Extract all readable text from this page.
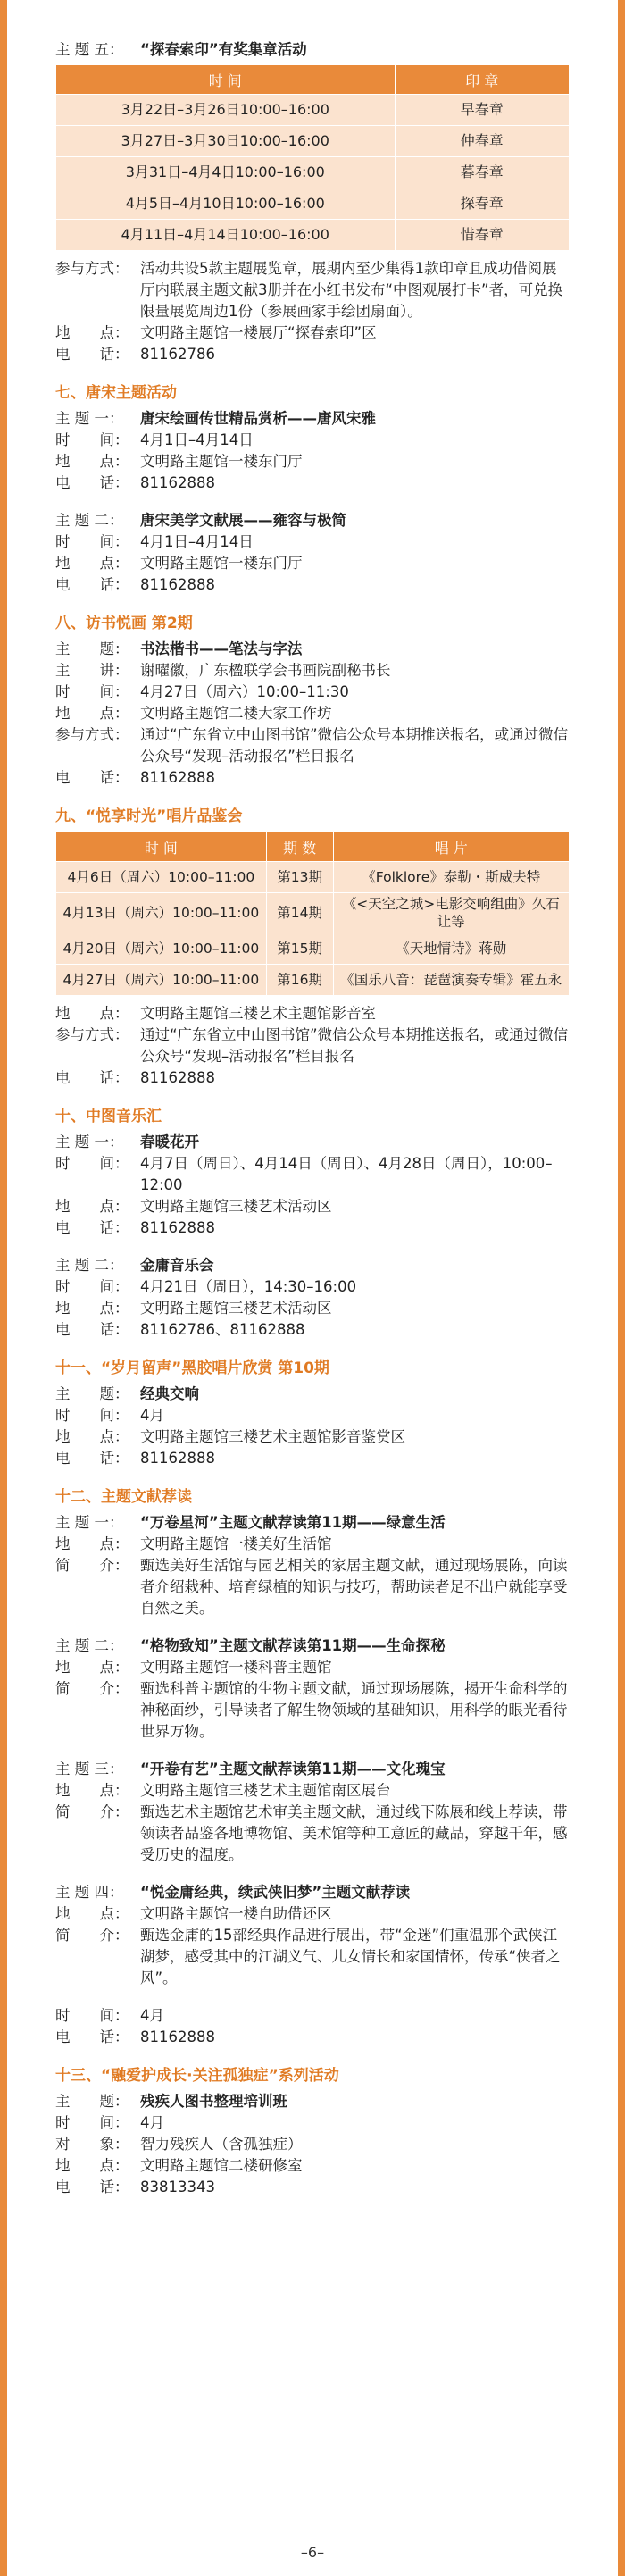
主 题 五：	“探春索印”有奖集章活动
时 间	印 章
3月22日–3月26日10:00–16:00	早春章
3月27日–3月30日10:00–16:00	仲春章
3月31日–4月4日10:00–16:00	暮春章
4月5日–4月10日10:00–16:00	探春章
4月11日–4月14日10:00–16:00	惜春章
参与方式： 活动共设5款主题展览章，展期内至少集得1款印章且成功借阅展厅内联展主题文献3册并在小红书发布“中图观展打卡”者，可兑换限量展览周边1份（参展画家手绘团扇面）。
地　　点： 文明路主题馆一楼展厅“探春索印”区
电　　话： 81162786
七、唐宋主题活动
主 题 一：	唐宋绘画传世精品赏析——唐风宋雅
时　　间： 4月1日–4月14日
地　　点： 文明路主题馆一楼东门厅
电　　话： 81162888
主 题 二：	唐宋美学文献展——雍容与极简
时　　间： 4月1日–4月14日
地　　点： 文明路主题馆一楼东门厅
电　　话： 81162888
八、访书悦画 第2期
主　　题： 书法楷书——笔法与字法
主　　讲： 谢曜徽，广东楹联学会书画院副秘书长
时　　间： 4月27日（周六）10:00–11:30
地　　点： 文明路主题馆二楼大家工作坊
参与方式： 通过“广东省立中山图书馆”微信公众号本期推送报名，或通过微信公众号“发现–活动报名”栏目报名
电　　话： 81162888
九、“悦享时光”唱片品鉴会
时 间	期 数	唱 片
4月6日（周六）10:00–11:00	第13期	《Folklore》泰勒・斯威夫特
4月13日（周六）10:00–11:00	第14期	《<天空之城>电影交响组曲》久石让等
4月20日（周六）10:00–11:00	第15期	《天地情诗》蒋勋
4月27日（周六）10:00–11:00	第16期	《国乐八音：琵琶演奏专辑》霍五永
地　　点： 文明路主题馆三楼艺术主题馆影音室
参与方式： 通过“广东省立中山图书馆”微信公众号本期推送报名，或通过微信公众号“发现–活动报名”栏目报名
电　　话： 81162888
十、中图音乐汇
主 题 一：	春暖花开
时　　间： 4月7日（周日）、4月14日（周日）、4月28日（周日），10:00–12:00
地　　点： 文明路主题馆三楼艺术活动区
电　　话： 81162888
主 题 二：	金庸音乐会
时　　间： 4月21日（周日），14:30–16:00
地　　点： 文明路主题馆三楼艺术活动区
电　　话： 81162786、81162888
十一、“岁月留声”黑胶唱片欣赏 第10期
主　　题： 经典交响
时　　间： 4月
地　　点： 文明路主题馆三楼艺术主题馆影音鉴赏区
电　　话： 81162888
十二、主题文献荐读
主 题 一：	“万卷星河”主题文献荐读第11期——绿意生活
地　　点： 文明路主题馆一楼美好生活馆
简　　介： 甄选美好生活馆与园艺相关的家居主题文献，通过现场展陈，向读者介绍栽种、培育绿植的知识与技巧，帮助读者足不出户就能享受自然之美。
主 题 二：	“格物致知”主题文献荐读第11期——生命探秘
地　　点： 文明路主题馆一楼科普主题馆
简　　介： 甄选科普主题馆的生物主题文献，通过现场展陈，揭开生命科学的神秘面纱，引导读者了解生物领域的基础知识，用科学的眼光看待世界万物。
主 题 三：	“开卷有艺”主题文献荐读第11期——文化瑰宝
地　　点： 文明路主题馆三楼艺术主题馆南区展台
简　　介： 甄选艺术主题馆艺术审美主题文献，通过线下陈展和线上荐读，带领读者品鉴各地博物馆、美术馆等种工意匠的藏品，穿越千年，感受历史的温度。
主 题 四：	“悦金庸经典，续武侠旧梦”主题文献荐读
地　　点： 文明路主题馆一楼自助借还区
简　　介： 甄选金庸的15部经典作品进行展出，带“金迷”们重温那个武侠江湖梦，感受其中的江湖义气、儿女情长和家国情怀，传承“侠者之风”。
时　　间： 4月
电　　话： 81162888
十三、“融爱护成长·关注孤独症”系列活动
主　　题： 残疾人图书整理培训班
时　　间： 4月
对　　象： 智力残疾人（含孤独症）
地　　点： 文明路主题馆二楼研修室
电　　话： 83813343
–6–
